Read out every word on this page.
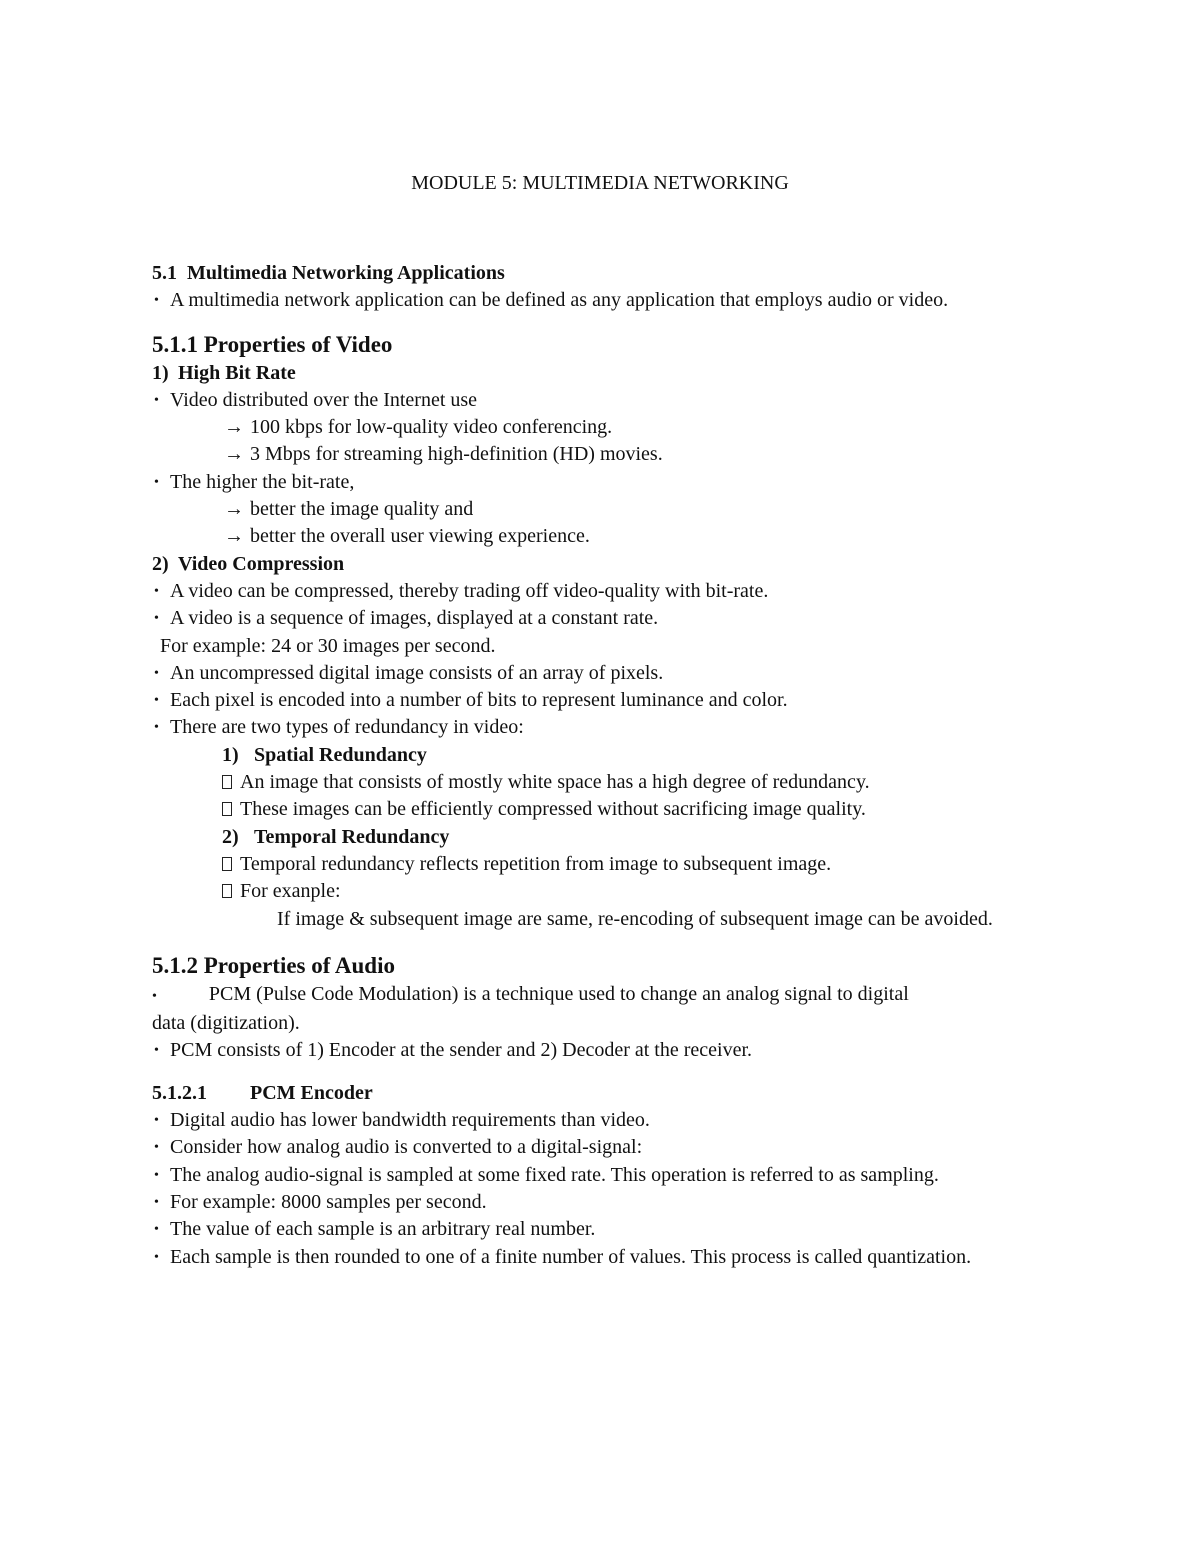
MODULE 5: MULTIMEDIA NETWORKING
5.1 Multimedia Networking Applications
• A multimedia network application can be defined as any application that employs audio or video.
5.1.1 Properties of Video
1) High Bit Rate
• Video distributed over the Internet use
→ 100 kbps for low-quality video conferencing.
→ 3 Mbps for streaming high-definition (HD) movies.
• The higher the bit-rate,
→ better the image quality and
→ better the overall user viewing experience.
2) Video Compression
• A video can be compressed, thereby trading off video-quality with bit-rate.
• A video is a sequence of images, displayed at a constant rate.
For example: 24 or 30 images per second.
• An uncompressed digital image consists of an array of pixels.
• Each pixel is encoded into a number of bits to represent luminance and color.
• There are two types of redundancy in video:
1) Spatial Redundancy
An image that consists of mostly white space has a high degree of redundancy.
These images can be efficiently compressed without sacrificing image quality.
2) Temporal Redundancy
Temporal redundancy reflects repetition from image to subsequent image.
For exanple:
If image & subsequent image are same, re-encoding of subsequent image can be avoided.
5.1.2 Properties of Audio
•	PCM (Pulse Code Modulation) is a technique used to change an analog signal to digital
data (digitization).
• PCM consists of 1) Encoder at the sender and 2) Decoder at the receiver.
5.1.2.1 PCM Encoder
• Digital audio has lower bandwidth requirements than video.
• Consider how analog audio is converted to a digital-signal:
• The analog audio-signal is sampled at some fixed rate. This operation is referred to as sampling.
• For example: 8000 samples per second.
• The value of each sample is an arbitrary real number.
• Each sample is then rounded to one of a finite number of values. This process is called quantization.
